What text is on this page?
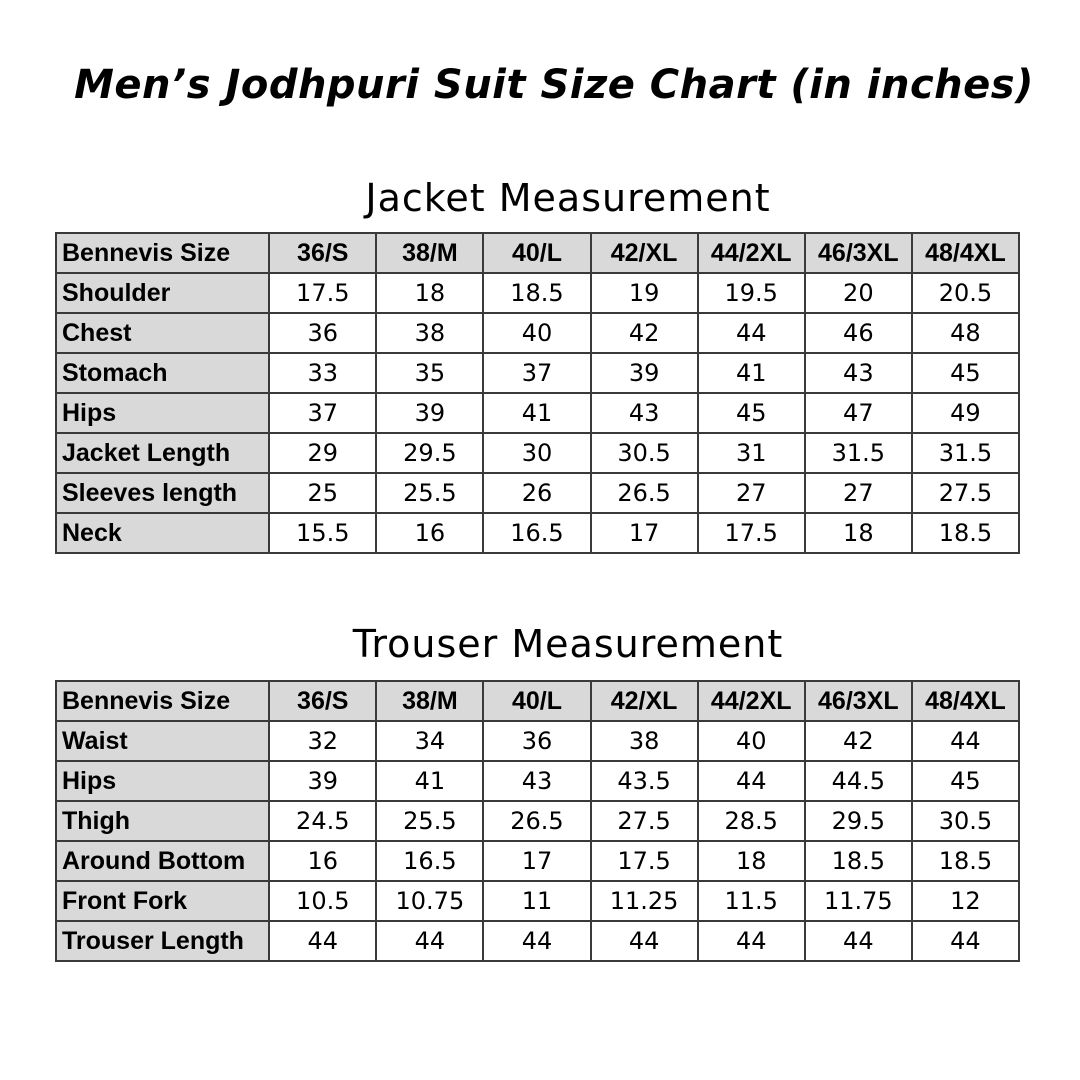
Men’s Jodhpuri Suit Size Chart (in inches)
Jacket Measurement
Bennevis Size	36/S	38/M	40/L	42/XL	44/2XL	46/3XL	48/4XL
Shoulder	17.5	18	18.5	19	19.5	20	20.5
Chest	36	38	40	42	44	46	48
Stomach	33	35	37	39	41	43	45
Hips	37	39	41	43	45	47	49
Jacket Length	29	29.5	30	30.5	31	31.5	31.5
Sleeves length	25	25.5	26	26.5	27	27	27.5
Neck	15.5	16	16.5	17	17.5	18	18.5
Trouser Measurement
Bennevis Size	36/S	38/M	40/L	42/XL	44/2XL	46/3XL	48/4XL
Waist	32	34	36	38	40	42	44
Hips	39	41	43	43.5	44	44.5	45
Thigh	24.5	25.5	26.5	27.5	28.5	29.5	30.5
Around Bottom	16	16.5	17	17.5	18	18.5	18.5
Front Fork	10.5	10.75	11	11.25	11.5	11.75	12
Trouser Length	44	44	44	44	44	44	44
